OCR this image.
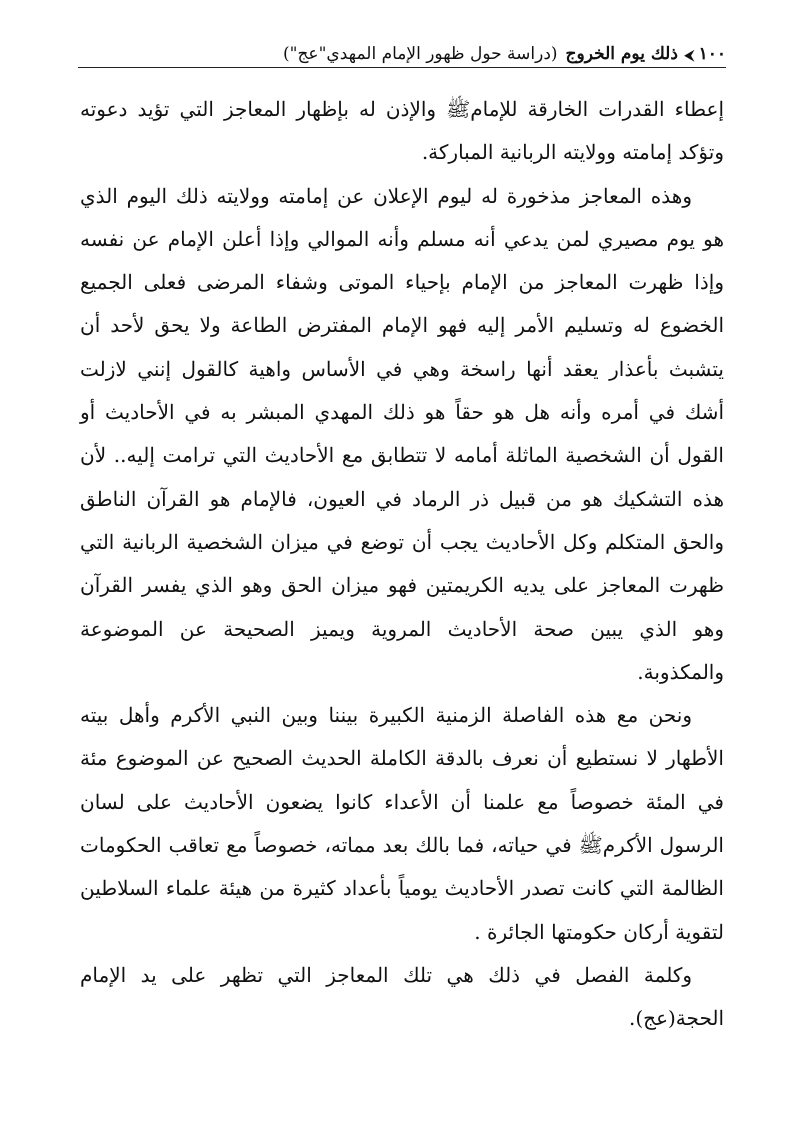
١٠٠
⮜
ذلك يوم الخروج
(دراسة حول ظهور الإمام المهدي"عج")

إعطاء القدرات الخارقة للإمامﷺ والإذن له بإظهار المعاجز التي تؤيد دعوته وتؤكد إمامته وولايته الربانية المباركة.

وهذه المعاجز مذخورة له ليوم الإعلان عن إمامته وولايته ذلك اليوم الذي هو يوم مصيري لمن يدعي أنه مسلم وأنه الموالي وإذا أعلن الإمام عن نفسه وإذا ظهرت المعاجز من الإمام بإحياء الموتى وشفاء المرضى فعلى الجميع الخضوع له وتسليم الأمر إليه فهو الإمام المفترض الطاعة ولا يحق لأحد أن يتشبث بأعذار يعقد أنها راسخة وهي في الأساس واهية كالقول إنني لازلت أشك في أمره وأنه هل هو حقاً هو ذلك المهدي المبشر به في الأحاديث أو القول أن الشخصية الماثلة أمامه لا تتطابق مع الأحاديث التي ترامت إليه.. لأن هذه التشكيك هو من قبيل ذر الرماد في العيون، فالإمام هو القرآن الناطق والحق المتكلم وكل الأحاديث يجب أن توضع في ميزان الشخصية الربانية التي ظهرت المعاجز على يديه الكريمتين فهو ميزان الحق وهو الذي يفسر القرآن وهو الذي يبين صحة الأحاديث المروية ويميز الصحيحة عن الموضوعة والمكذوبة.

ونحن مع هذه الفاصلة الزمنية الكبيرة بيننا وبين النبي الأكرم وأهل بيته الأطهار لا نستطيع أن نعرف بالدقة الكاملة الحديث الصحيح عن الموضوع مئة في المئة خصوصاً مع علمنا أن الأعداء كانوا يضعون الأحاديث على لسان الرسول الأكرمﷺ في حياته، فما بالك بعد مماته، خصوصاً مع تعاقب الحكومات الظالمة التي كانت تصدر الأحاديث يومياً بأعداد كثيرة من هيئة علماء السلاطين لتقوية أركان حكومتها الجائرة .

وكلمة الفصل في ذلك هي تلك المعاجز التي تظهر على يد الإمام الحجة(عج).
